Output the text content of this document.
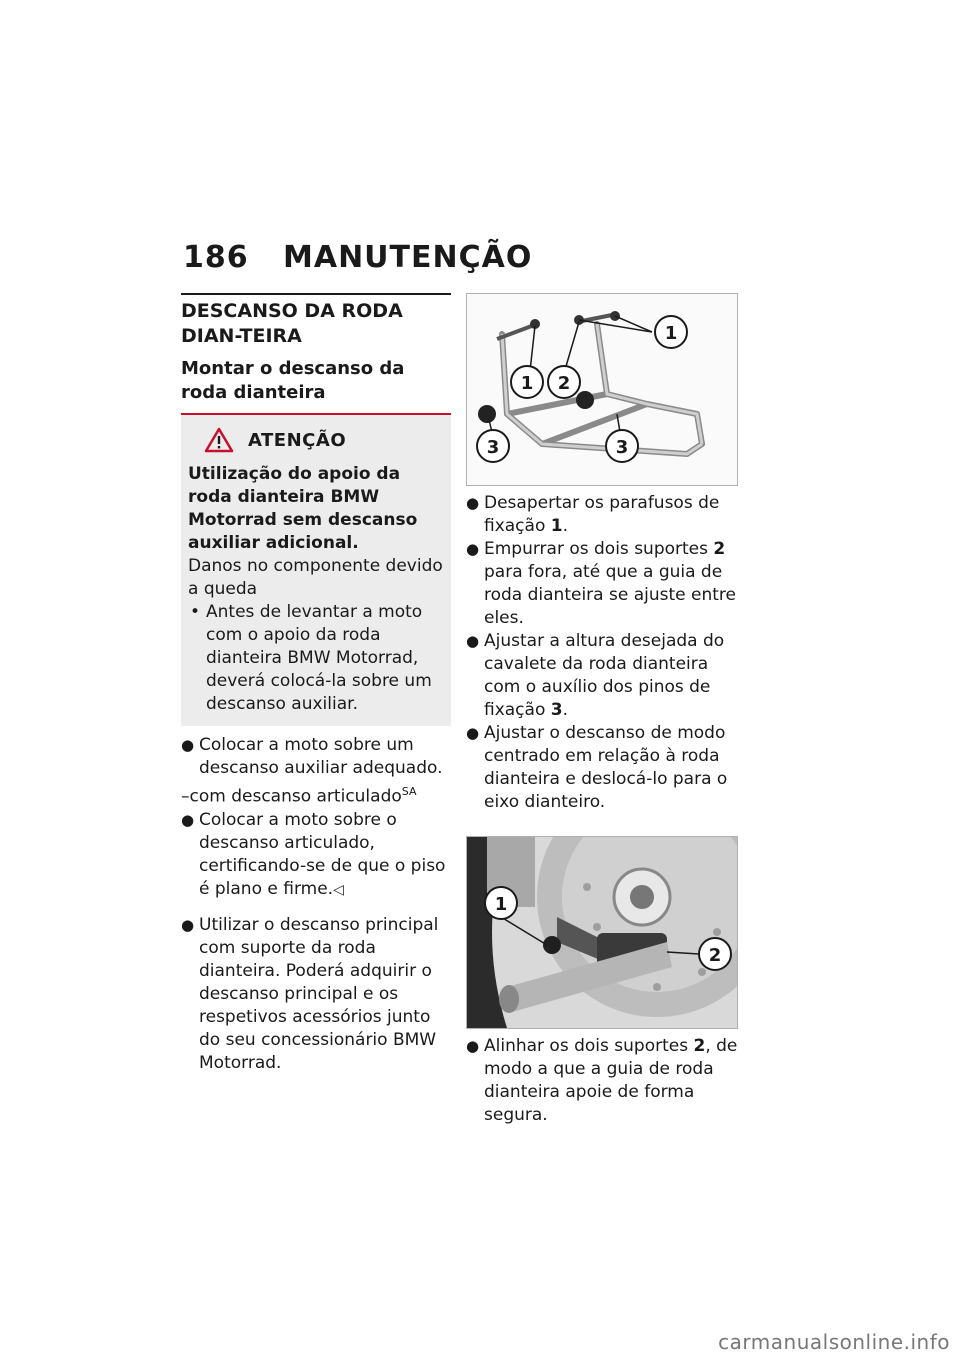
186 MANUTENÇÃO
DESCANSO DA RODA DIAN-TEIRA
Montar o descanso da roda dianteira
ATENÇÃO

Utilização do apoio da roda dianteira BMW Motorrad sem descanso auxiliar adicional.

Danos no componente devido a queda

• Antes de levantar a moto com o apoio da roda dianteira BMW Motorrad, deverá colocá-la sobre um descanso auxiliar.
● Colocar a moto sobre um descanso auxiliar adequado.
–com descanso articulado$^{SA}$
● Colocar a moto sobre o descanso articulado, certificando-se de que o piso é plano e firme.◁
● Utilizar o descanso principal com suporte da roda dianteira. Poderá adquirir o descanso principal e os respetivos acessórios junto do seu concessionário BMW Motorrad.
1
1 2
3	3
● Desapertar os parafusos de fixação 1.
● Empurrar os dois suportes 2 para fora, até que a guia de roda dianteira se ajuste entre eles.
● Ajustar a altura desejada do cavalete da roda dianteira com o auxílio dos pinos de fixação 3.
● Ajustar o descanso de modo centrado em relação à roda dianteira e deslocá-lo para o eixo dianteiro.
1
2
● Alinhar os dois suportes 2, de modo a que a guia de roda dianteira apoie de forma segura.
carmanualsonline.info
